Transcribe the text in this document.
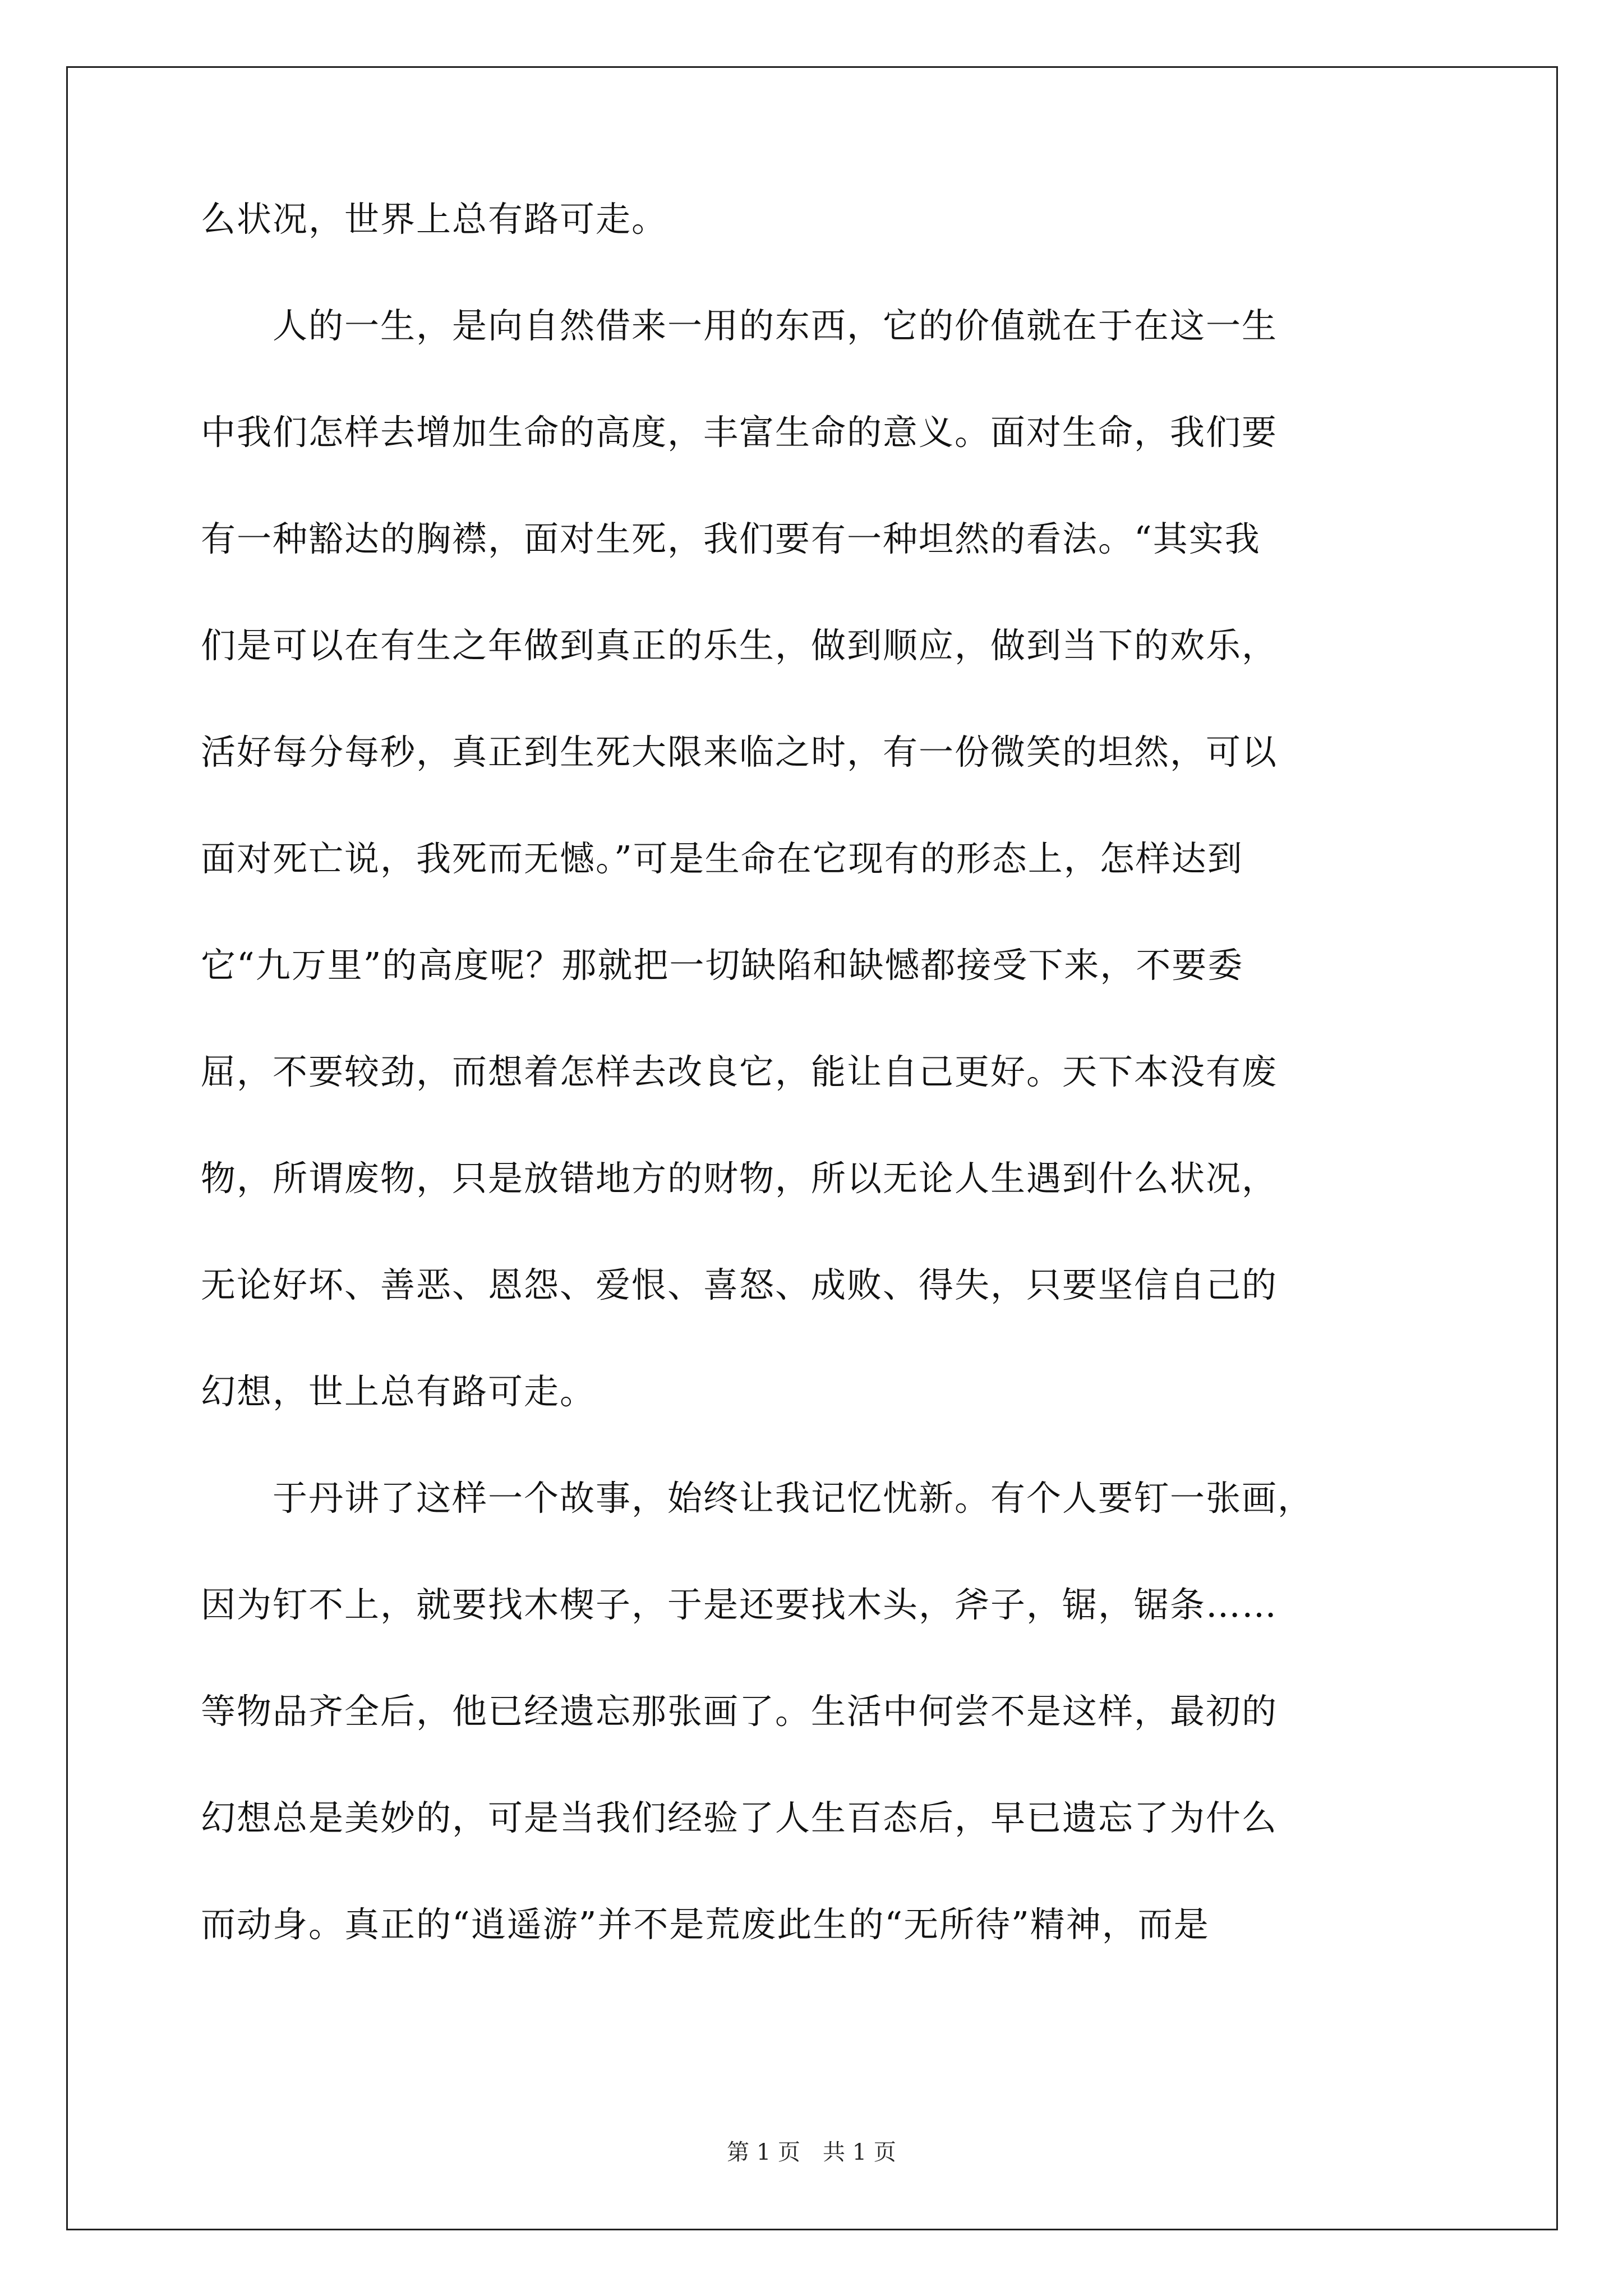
么状况，世界上总有路可走。
　　人的一生，是向自然借来一用的东西，它的价值就在于在这一生
中我们怎样去增加生命的高度，丰富生命的意义。面对生命，我们要
有一种豁达的胸襟，面对生死，我们要有一种坦然的看法。“其实我
们是可以在有生之年做到真正的乐生，做到顺应，做到当下的欢乐，
活好每分每秒，真正到生死大限来临之时，有一份微笑的坦然，可以
面对死亡说，我死而无憾。”可是生命在它现有的形态上，怎样达到
它“九万里”的高度呢？那就把一切缺陷和缺憾都接受下来，不要委
屈，不要较劲，而想着怎样去改良它，能让自己更好。天下本没有废
物，所谓废物，只是放错地方的财物，所以无论人生遇到什么状况，
无论好坏、善恶、恩怨、爱恨、喜怒、成败、得失，只要坚信自己的
幻想，世上总有路可走。
　　于丹讲了这样一个故事，始终让我记忆忧新。有个人要钉一张画，
因为钉不上，就要找木楔子，于是还要找木头，斧子，锯，锯条……
等物品齐全后，他已经遗忘那张画了。生活中何尝不是这样，最初的
幻想总是美妙的，可是当我们经验了人生百态后，早已遗忘了为什么
而动身。真正的“逍遥游”并不是荒废此生的“无所待”精神，而是
第 1 页　共 1 页
